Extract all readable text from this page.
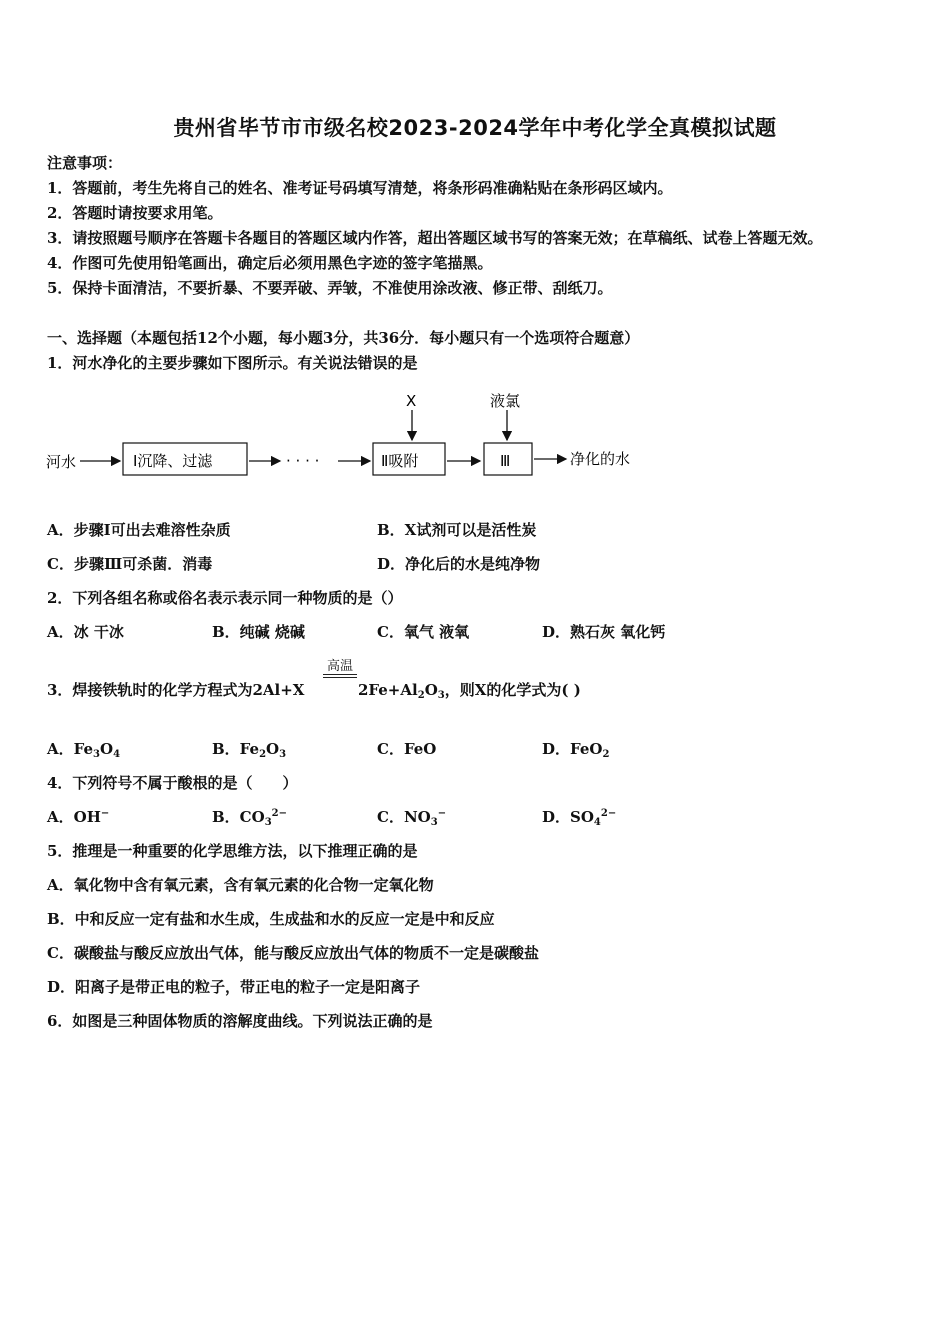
贵州省毕节市市级名校2023-2024学年中考化学全真模拟试题
注意事项：
1．答题前，考生先将自己的姓名、准考证号码填写清楚，将条形码准确粘贴在条形码区域内。
2．答题时请按要求用笔。
3．请按照题号顺序在答题卡各题目的答题区域内作答，超出答题区域书写的答案无效；在草稿纸、试卷上答题无效。
4．作图可先使用铅笔画出，确定后必须用黑色字迹的签字笔描黑。
5．保持卡面清洁，不要折暴、不要弄破、弄皱，不准使用涂改液、修正带、刮纸刀。
一、选择题（本题包括12个小题，每小题3分，共36分．每小题只有一个选项符合题意）
1．河水净化的主要步骤如下图所示。有关说法错误的是
河水	Ⅰ沉降、过滤	· · · ·	Ⅱ吸附
X
Ⅲ
液氯
净化的水
A．步骤Ⅰ可出去难溶性杂质	B．X试剂可以是活性炭
C．步骤Ⅲ可杀菌．消毒	D．净化后的水是纯净物
2．下列各组名称或俗名表示表示同一种物质的是（）
A．冰 干冰	B．纯碱 烧碱	C．氧气 液氧	D．熟石灰 氧化钙
3．焊接铁轨时的化学方程式为2Al+X
高温
$2Fe+Al_2O_3$，则X的化学式为( )
A．$Fe_3O_4$	B．$Fe_2O_3$	C．FeO	D．FeO$_2$
4．下列符号不属于酸根的是（　　）
A．OH−	B．$CO_3^{2-}$	C．$NO_3^-$	D．$SO_4^{2-}$
5．推理是一种重要的化学思维方法，以下推理正确的是
A．氧化物中含有氧元素，含有氧元素的化合物一定氧化物
B．中和反应一定有盐和水生成，生成盐和水的反应一定是中和反应
C．碳酸盐与酸反应放出气体，能与酸反应放出气体的物质不一定是碳酸盐
D．阳离子是带正电的粒子，带正电的粒子一定是阳离子
6．如图是三种固体物质的溶解度曲线。下列说法正确的是
